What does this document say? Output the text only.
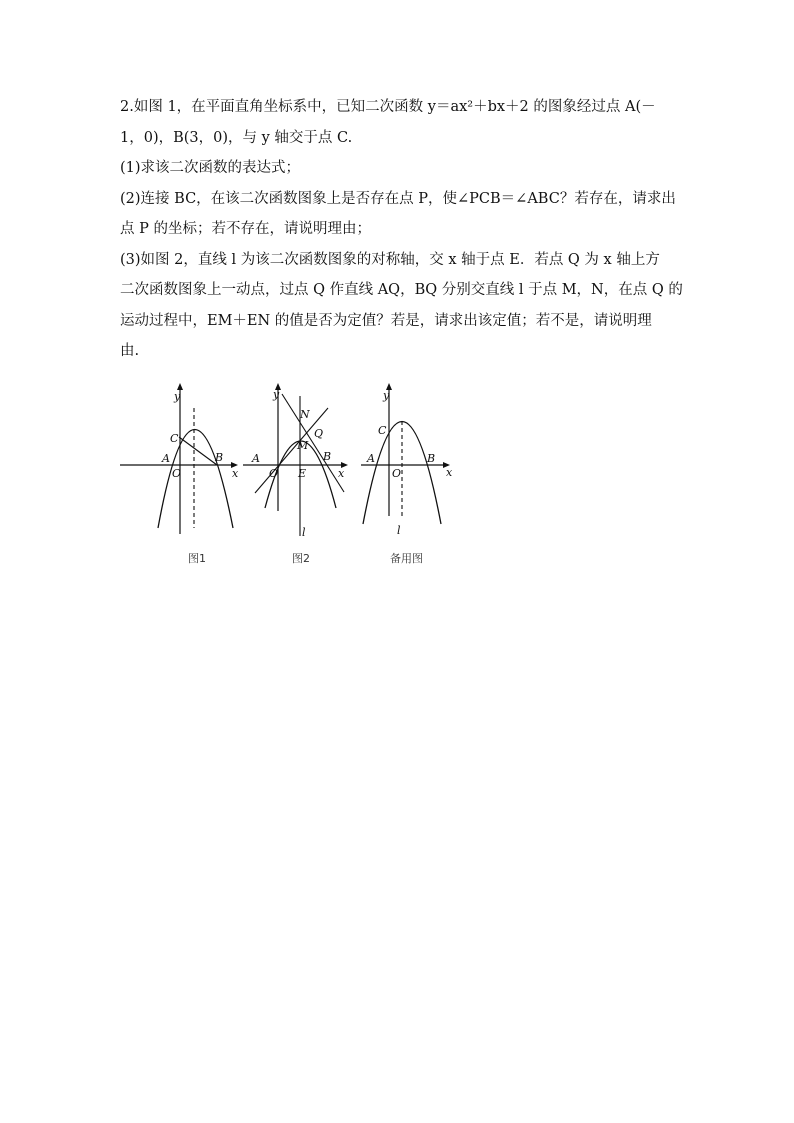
2.如图 1，在平面直角坐标系中，已知二次函数 y＝ax²＋bx＋2 的图象经过点 A(－

1，0)，B(3，0)，与 y 轴交于点 C.

(1)求该二次函数的表达式；

(2)连接 BC，在该二次函数图象上是否存在点 P，使∠PCB＝∠ABC？若存在，请求出

点 P 的坐标；若不存在，请说明理由；

(3)如图 2，直线 l 为该二次函数图象的对称轴，交 x 轴于点 E．若点 Q 为 x 轴上方

二次函数图象上一动点，过点 Q 作直线 AQ，BQ 分别交直线 l 于点 M，N，在点 Q 的

运动过程中，EM＋EN 的值是否为定值？若是，请求出该定值；若不是，请说明理

由.

y
x
A	B
C
O
图1
y
x
A	B
O E
M
N
Q
l
图2
y
x
A	B
C
O
l
备用图
